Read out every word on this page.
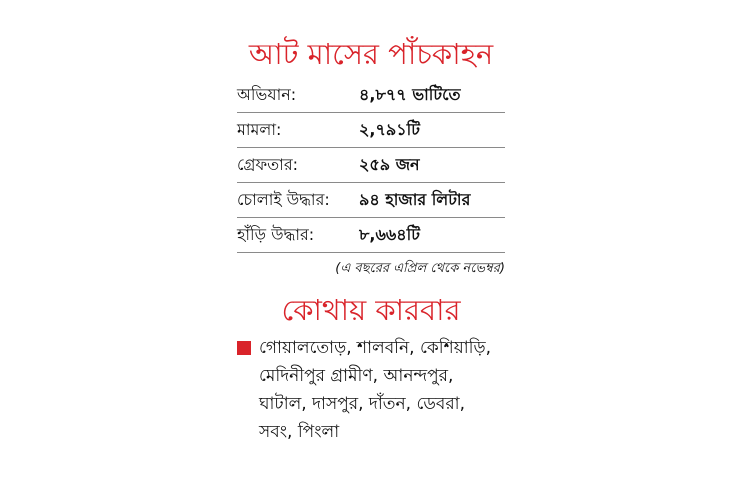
আট মাসের পাঁচকাহন
অভিযান:	৪,৮৭৭ ভাটিতে
মামলা:	২,৭৯১টি
গ্রেফতার:	২৫৯ জন
চোলাই উদ্ধার:	৯৪ হাজার লিটার
হাঁড়ি উদ্ধার:	৮,৬৬৪টি
(এ বছরের এপ্রিল থেকে নভেম্বর)
কোথায় কারবার
গোয়ালতোড়, শালবনি, কেশিয়াড়ি, মেদিনীপুর গ্রামীণ, আনন্দপুর, ঘাটাল, দাসপুর, দাঁতন, ডেবরা, সবং, পিংলা
